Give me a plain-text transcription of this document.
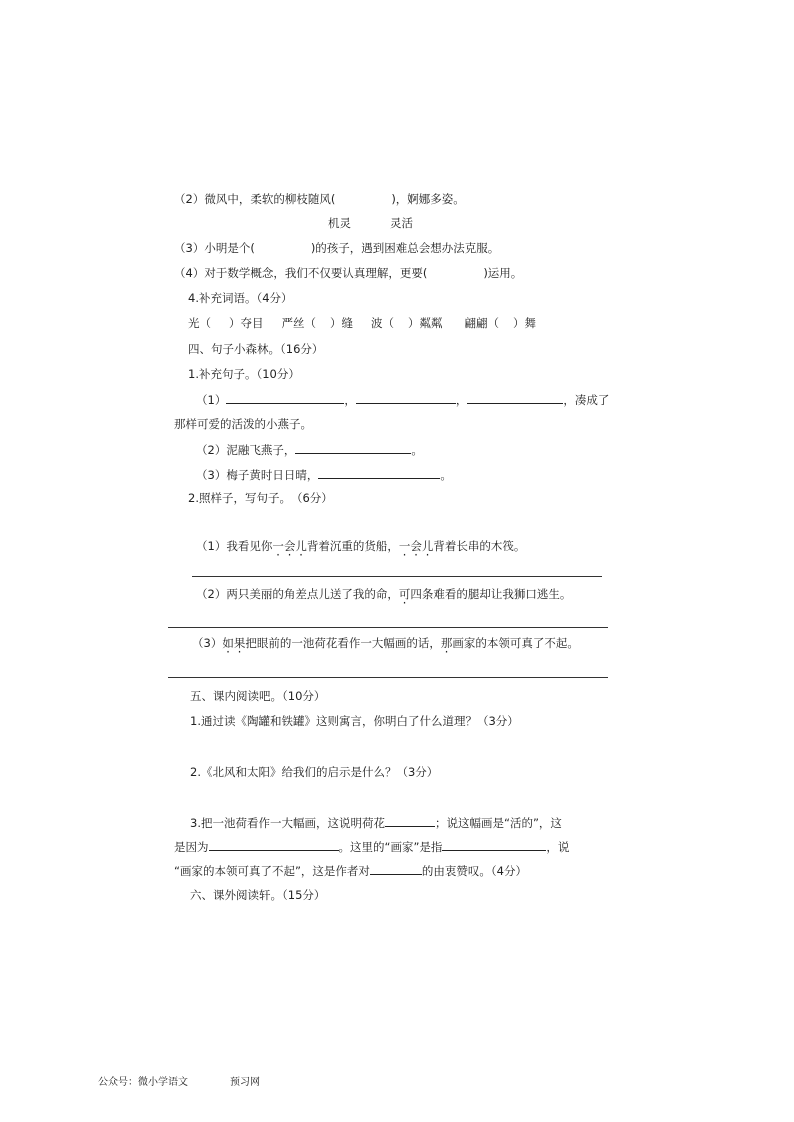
（2）微风中，柔软的柳枝随风(	)，婀娜多姿。
机灵	灵活
（3）小明是个(	)的孩子，遇到困难总会想办法克服。
（4）对于数学概念，我们不仅要认真理解，更要(	)运用。
4.补充词语。（4分）
光（ ）夺目 严丝（ ）缝 波（ ）粼粼 翩翩（ ）舞
四、句子小森林。（16分）
1.补充句子。（10分）
（1）	，	，	，凑成了
那样可爱的活泼的小燕子。
（2）泥融飞燕子，	。
（3）梅子黄时日日晴，	。
2.照样子，写句子。　（6分）
（1）我看见你一会儿背着沉重的货船，一会儿背着长串的木筏。
（2）两只美丽的角差点儿送了我的命，可四条难看的腿却让我狮口逃生。
（3）如果把眼前的一池荷花看作一大幅画的话，那画家的本领可真了不起。
五、课内阅读吧。（10分）
1.通过读《陶罐和铁罐》这则寓言，你明白了什么道理？（3分）
2.《北风和太阳》给我们的启示是什么？（3分）
3.把一池荷看作一大幅画，这说明荷花	；说这幅画是“活的”，这
是因为	。这里的“画家”是指	，说
“画家的本领可真了不起”，这是作者对	的由衷赞叹。（4分）
六、课外阅读轩。（15分）
公众号：微小学语文	预习网
